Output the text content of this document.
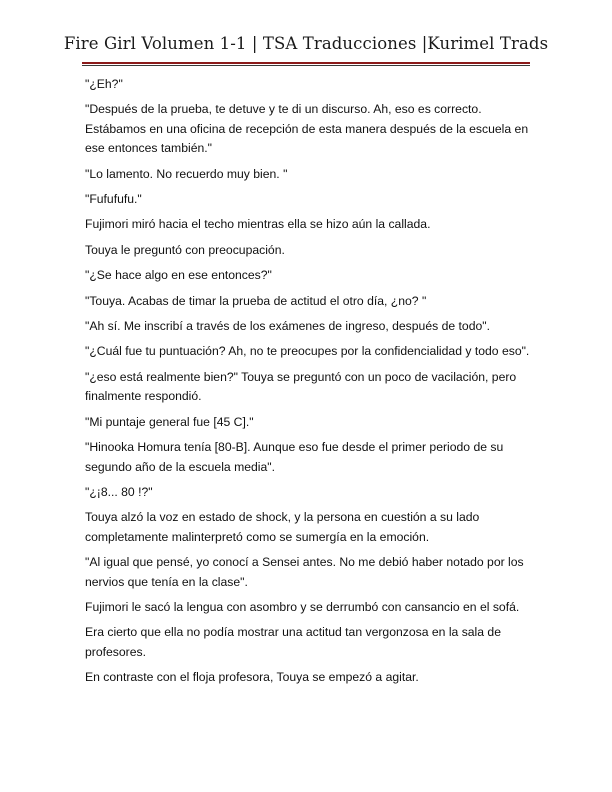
Fire Girl Volumen 1-1 | TSA Traducciones |Kurimel Trads

"¿Eh?"

"Después de la prueba, te detuve y te di un discurso. Ah, eso es correcto. Estábamos en una oficina de recepción de esta manera después de la escuela en ese entonces también."

"Lo lamento. No recuerdo muy bien. "

"Fufufufu."

Fujimori miró hacia el techo mientras ella se hizo aún la callada.

Touya le preguntó con preocupación.

"¿Se hace algo en ese entonces?"

"Touya. Acabas de timar la prueba de actitud el otro día, ¿no? "

"Ah sí. Me inscribí a través de los exámenes de ingreso, después de todo".

"¿Cuál fue tu puntuación? Ah, no te preocupes por la confidencialidad y todo eso".

"¿eso está realmente bien?" Touya se preguntó con un poco de vacilación, pero finalmente respondió.

"Mi puntaje general fue [45 C]."

"Hinooka Homura tenía [80-B]. Aunque eso fue desde el primer periodo de su segundo año de la escuela media".

"¿¡8... 80 !?"

Touya alzó la voz en estado de shock, y la persona en cuestión a su lado completamente malinterpretó como se sumergía en la emoción.

"Al igual que pensé, yo conocí a Sensei antes. No me debió haber notado por los nervios que tenía en la clase".

Fujimori le sacó la lengua con asombro y se derrumbó con cansancio en el sofá.

Era cierto que ella no podía mostrar una actitud tan vergonzosa en la sala de profesores.

En contraste con el floja profesora, Touya se empezó a agitar.
